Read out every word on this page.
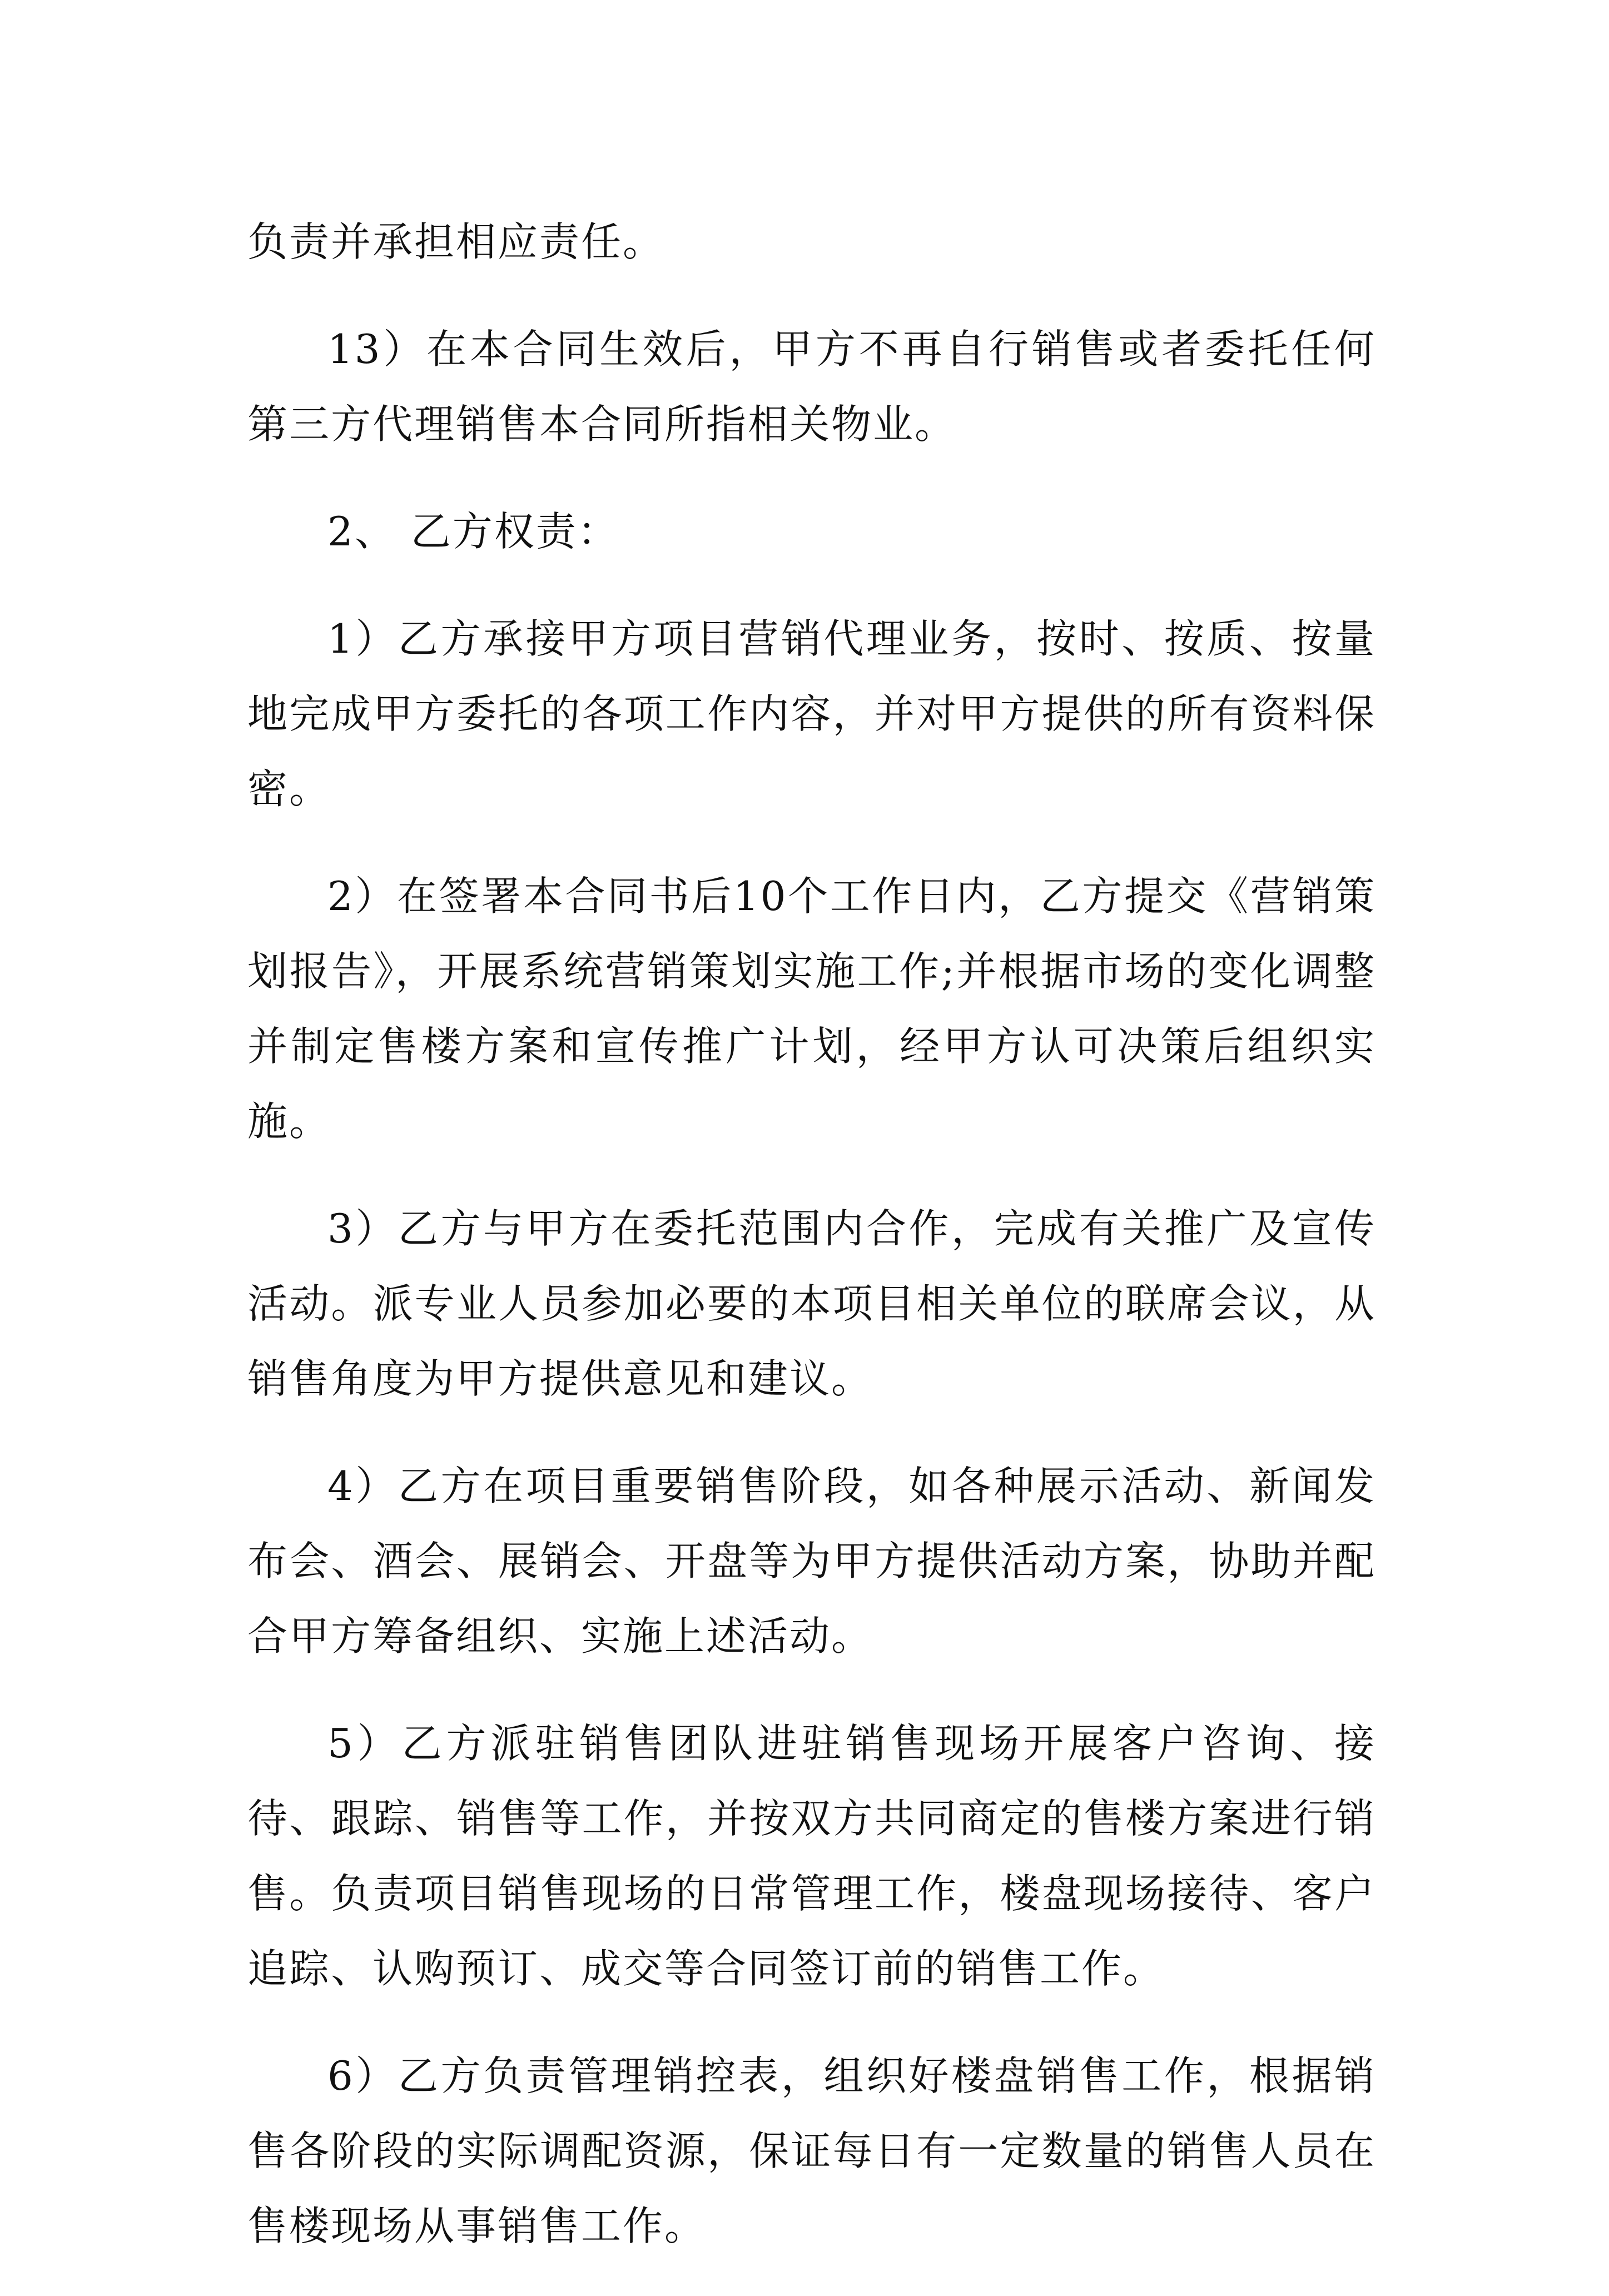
负责并承担相应责任。

13）在本合同生效后，甲方不再自行销售或者委托任何第三方代理销售本合同所指相关物业。

2、 乙方权责：

1）乙方承接甲方项目营销代理业务，按时、按质、按量地完成甲方委托的各项工作内容，并对甲方提供的所有资料保密。

2）在签署本合同书后10个工作日内，乙方提交《营销策划报告》，开展系统营销策划实施工作;并根据市场的变化调整并制定售楼方案和宣传推广计划，经甲方认可决策后组织实施。

3）乙方与甲方在委托范围内合作，完成有关推广及宣传活动。派专业人员参加必要的本项目相关单位的联席会议，从销售角度为甲方提供意见和建议。

4）乙方在项目重要销售阶段，如各种展示活动、新闻发布会、酒会、展销会、开盘等为甲方提供活动方案，协助并配合甲方筹备组织、实施上述活动。

5）乙方派驻销售团队进驻销售现场开展客户咨询、接待、跟踪、销售等工作，并按双方共同商定的售楼方案进行销售。负责项目销售现场的日常管理工作，楼盘现场接待、客户追踪、认购预订、成交等合同签订前的销售工作。

6）乙方负责管理销控表，组织好楼盘销售工作，根据销售各阶段的实际调配资源，保证每日有一定数量的销售人员在售楼现场从事销售工作。
